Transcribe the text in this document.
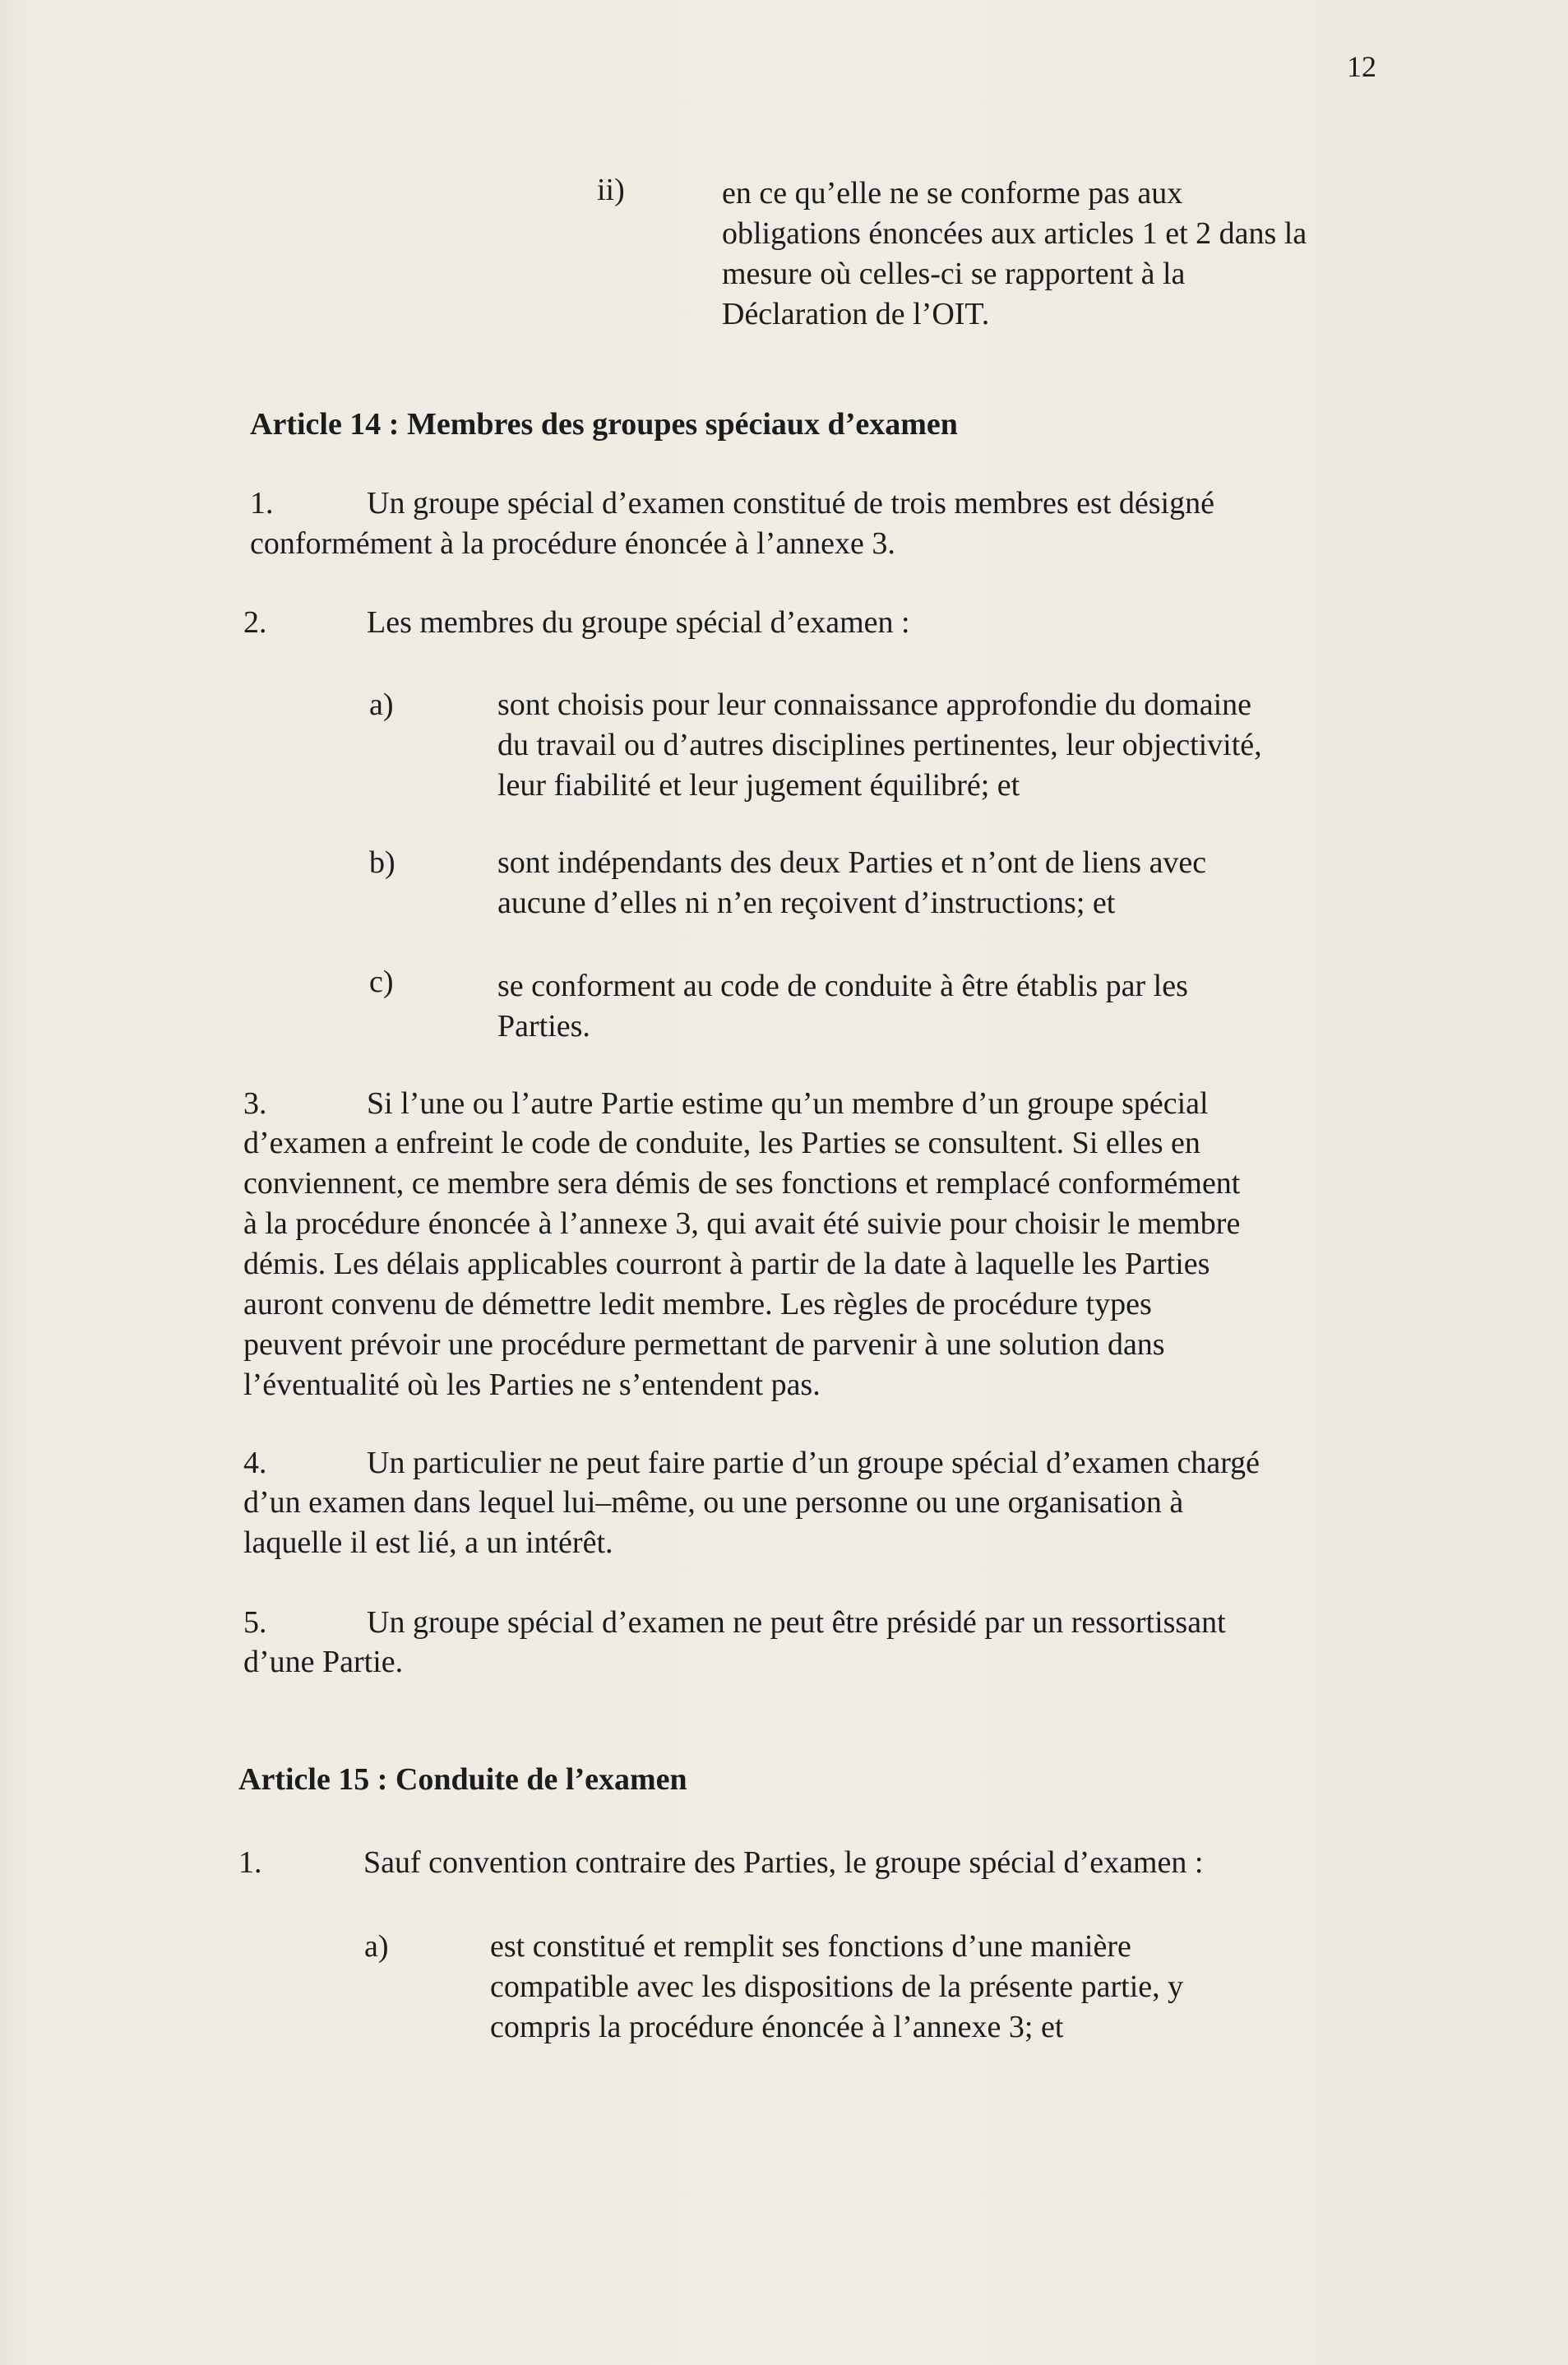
12
ii)	en ce qu’elle ne se conforme pas aux
obligations énoncées aux articles 1 et 2 dans la
mesure où celles-ci se rapportent à la
Déclaration de l’OIT.
Article 14 : Membres des groupes spéciaux d’examen
1.	Un groupe spécial d’examen constitué de trois membres est désigné
conformément à la procédure énoncée à l’annexe 3.
2.	Les membres du groupe spécial d’examen :
a)	sont choisis pour leur connaissance approfondie du domaine
du travail ou d’autres disciplines pertinentes, leur objectivité,
leur fiabilité et leur jugement équilibré; et
b)	sont indépendants des deux Parties et n’ont de liens avec
aucune d’elles ni n’en reçoivent d’instructions; et
c)	se conforment au code de conduite à être établis par les
Parties.
3.	Si l’une ou l’autre Partie estime qu’un membre d’un groupe spécial
d’examen a enfreint le code de conduite, les Parties se consultent. Si elles en
conviennent, ce membre sera démis de ses fonctions et remplacé conformément
à la procédure énoncée à l’annexe 3, qui avait été suivie pour choisir le membre
démis. Les délais applicables courront à partir de la date à laquelle les Parties
auront convenu de démettre ledit membre. Les règles de procédure types
peuvent prévoir une procédure permettant de parvenir à une solution dans
l’éventualité où les Parties ne s’entendent pas.
4.	Un particulier ne peut faire partie d’un groupe spécial d’examen chargé
d’un examen dans lequel lui–même, ou une personne ou une organisation à
laquelle il est lié, a un intérêt.
5.	Un groupe spécial d’examen ne peut être présidé par un ressortissant
d’une Partie.
Article 15 : Conduite de l’examen
1.	Sauf convention contraire des Parties, le groupe spécial d’examen :
a)	est constitué et remplit ses fonctions d’une manière
compatible avec les dispositions de la présente partie, y
compris la procédure énoncée à l’annexe 3; et
